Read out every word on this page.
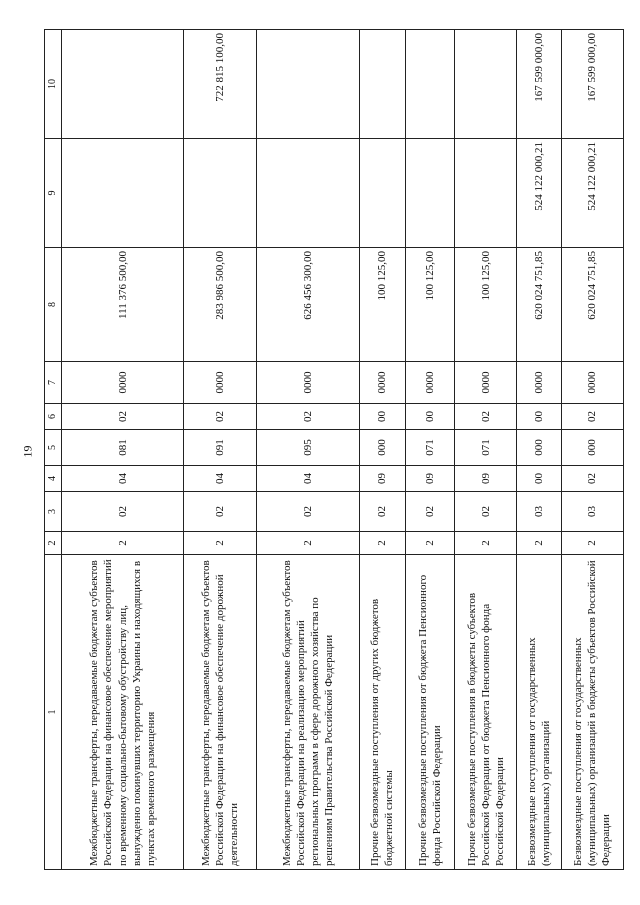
19
1	2	3	4	5	6	7	8	9	10
Межбюджетные трансферты, передаваемые бюджетам субъектов Российской Федерации на финансовое обеспечение мероприятий по временному социально-бытовому обустройству лиц, вынужденно покинувших территорию Украины и находящихся в пунктах временного размещения	2	02	04	081	02	0000	111 376 500,00		
Межбюджетные трансферты, передаваемые бюджетам субъектов Российской Федерации на финансовое обеспечение дорожной деятельности	2	02	04	091	02	0000	283 986 500,00		722 815 100,00
Межбюджетные трансферты, передаваемые бюджетам субъектов Российской Федерации на реализацию мероприятий региональных программ в сфере дорожного хозяйства по решениям Правительства Российской Федерации	2	02	04	095	02	0000	626 456 300,00		
Прочие безвозмездные поступления от других бюджетов бюджетной системы	2	02	09	000	00	0000	100 125,00		
Прочие безвозмездные поступления от бюджета Пенсионного фонда Российской Федерации	2	02	09	071	00	0000	100 125,00		
Прочие безвозмездные поступления в бюджеты субъектов Российской Федерации от бюджета Пенсионного фонда Российской Федерации	2	02	09	071	02	0000	100 125,00		
Безвозмездные поступления от государственных (муниципальных) организаций	2	03	00	000	00	0000	620 024 751,85	524 122 000,21	167 599 000,00
Безвозмездные поступления от государственных (муниципальных) организаций в бюджеты субъектов Российской Федерации	2	03	02	000	02	0000	620 024 751,85	524 122 000,21	167 599 000,00
